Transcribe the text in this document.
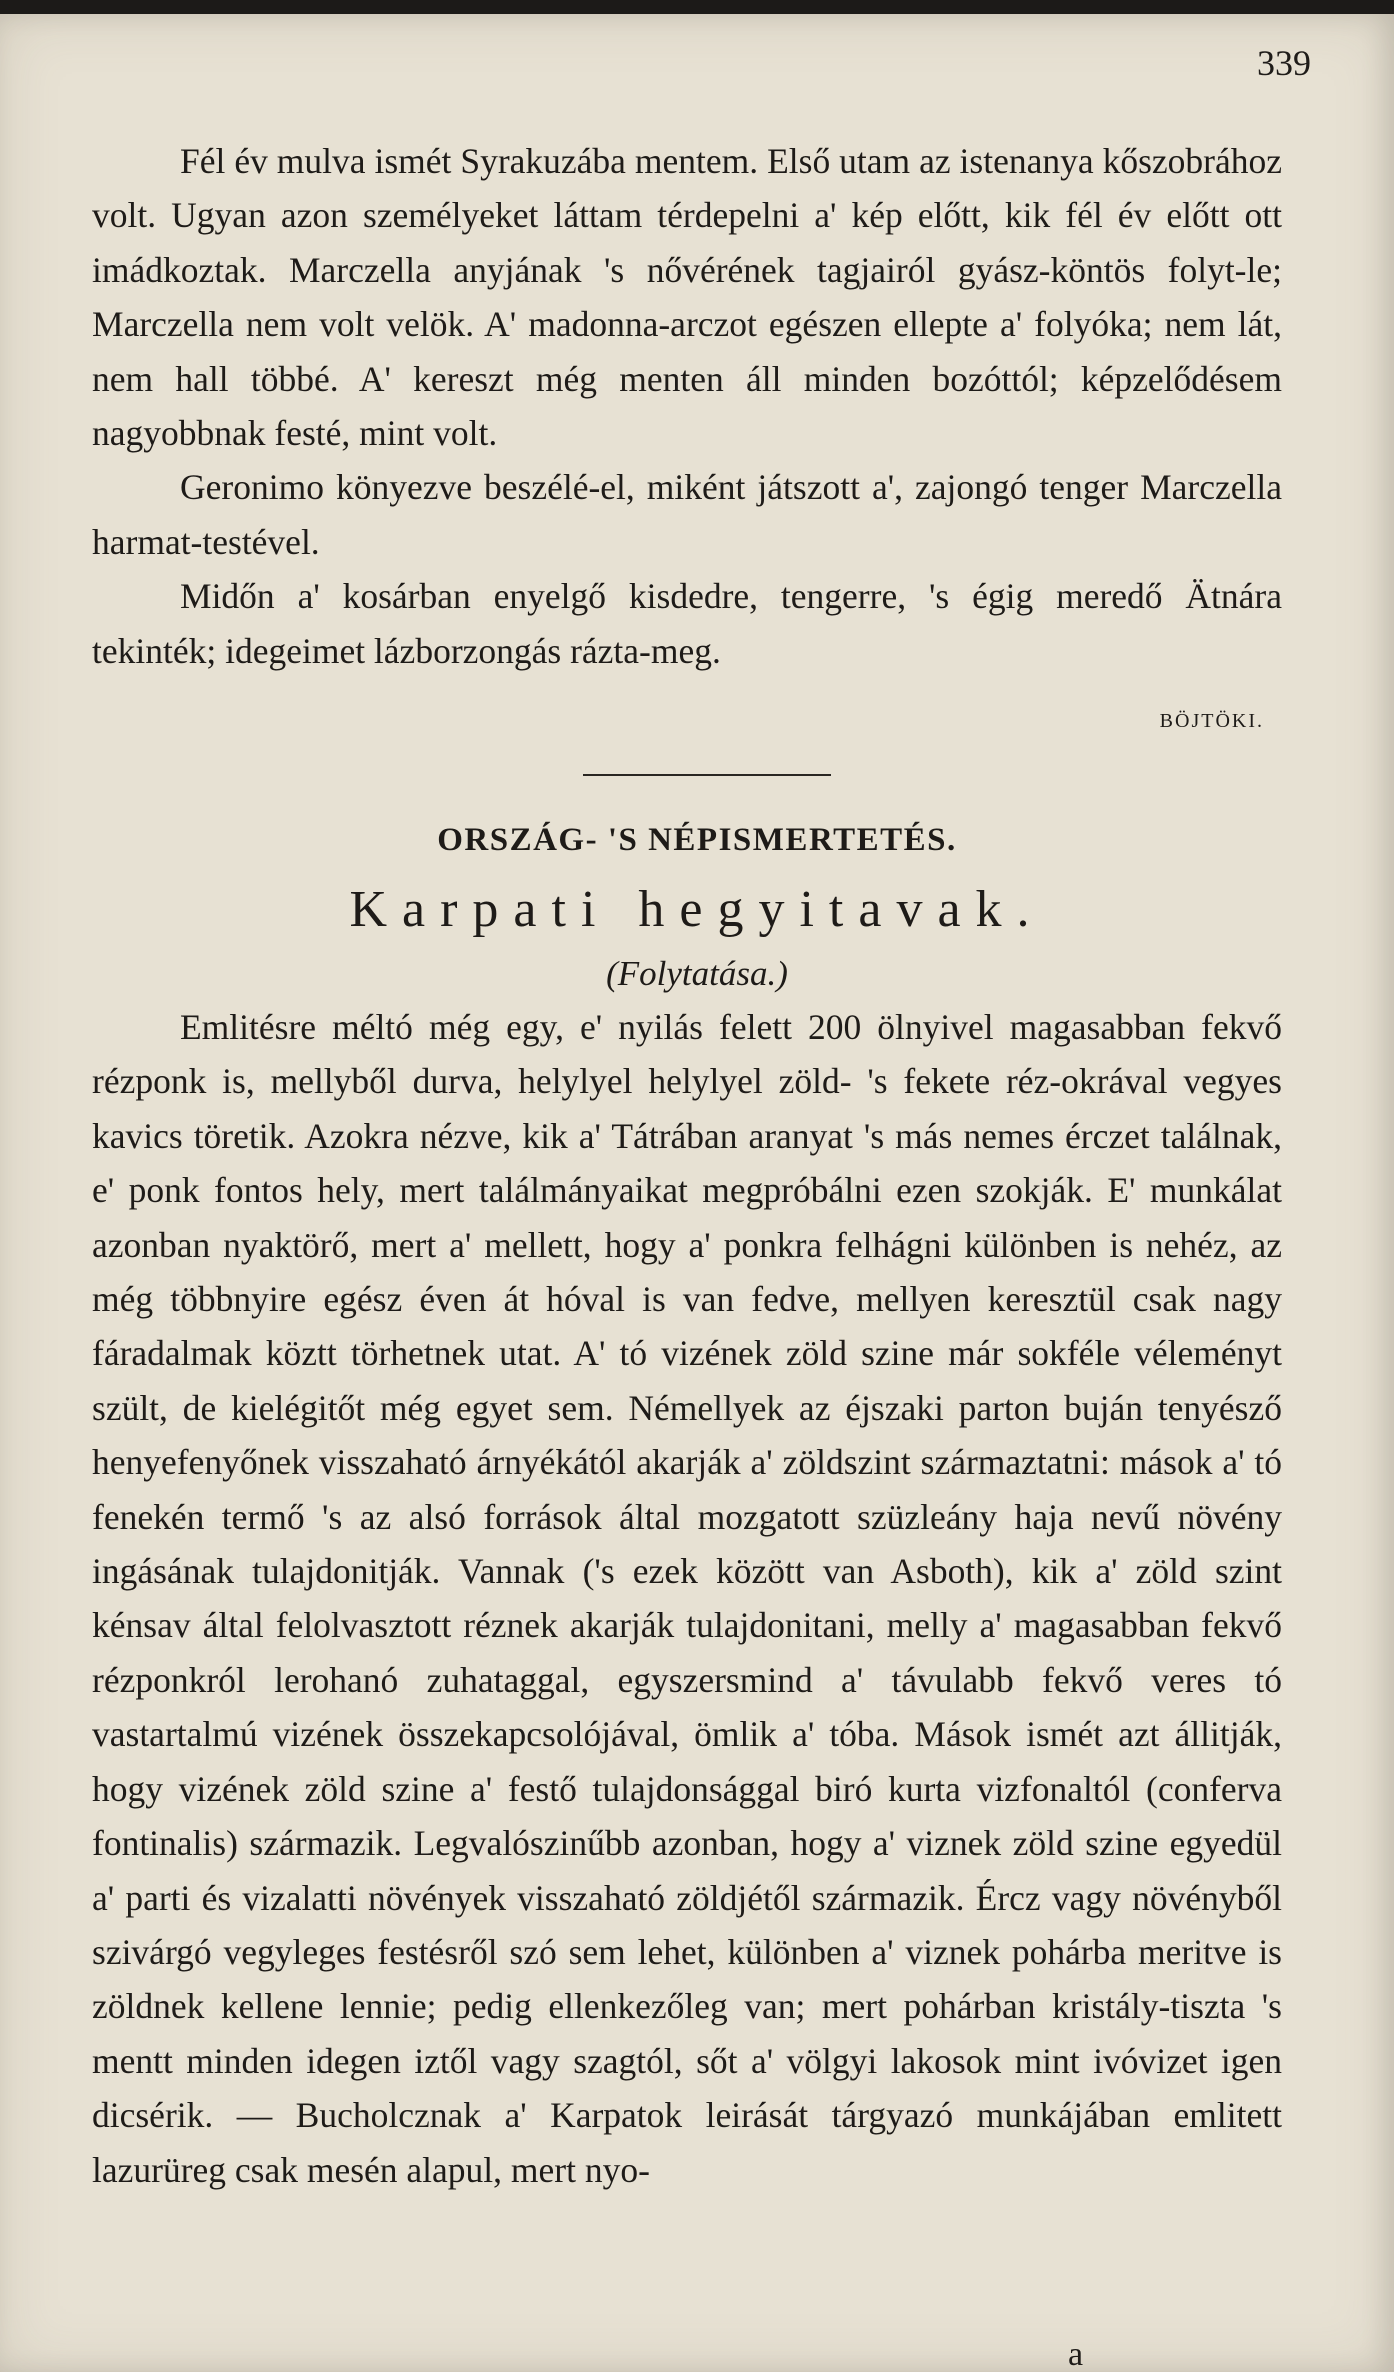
339

Fél év mulva ismét Syrakuzába mentem. Első utam az istenanya kőszobrához volt. Ugyan azon személyeket láttam térdepelni a' kép előtt, kik fél év előtt ott imádkoztak. Marczella anyjának 's nővérének tagjairól gyász-köntös folyt-le; Marczella nem volt velök. A' madonna-arczot egészen ellepte a' folyóka; nem lát, nem hall többé. A' kereszt még menten áll minden bozóttól; képzelődésem nagyobbnak festé, mint volt.

Geronimo könyezve beszélé-el, miként játszott a', zajongó tenger Marczella harmat-testével.

Midőn a' kosárban enyelgő kisdedre, tengerre, 's égig meredő Ätnára tekinték; idegeimet lázborzongás rázta-meg.

BÖJTÖKI.
ORSZÁG- 'S NÉPISMERTETÉS.
Karpati hegyitavak.
(Folytatása.)

Emlitésre méltó még egy, e' nyilás felett 200 ölnyivel magasabban fekvő rézponk is, mellyből durva, helylyel helylyel zöld- 's fekete réz-okrával vegyes kavics töretik. Azokra nézve, kik a' Tátrában aranyat 's más nemes érczet találnak, e' ponk fontos hely, mert találmányaikat megpróbálni ezen szokják. E' munkálat azonban nyaktörő, mert a' mellett, hogy a' ponkra felhágni különben is nehéz, az még többnyire egész éven át hóval is van fedve, mellyen keresztül csak nagy fáradalmak köztt törhetnek utat. A' tó vizének zöld szine már sokféle véleményt szült, de kielégitőt még egyet sem. Némellyek az éjszaki parton buján tenyésző henyefenyőnek visszaható árnyékától akarják a' zöldszint származtatni: mások a' tó fenekén termő 's az alsó források által mozgatott szüzleány haja nevű növény ingásának tulajdonitják. Vannak ('s ezek között van Asboth), kik a' zöld szint kénsav által felolvasztott réznek akarják tulajdonitani, melly a' magasabban fekvő rézponkról lerohanó zuhataggal, egyszersmind a' távulabb fekvő veres tó vastartalmú vizének összekapcsolójával, ömlik a' tóba. Mások ismét azt állitják, hogy vizének zöld szine a' festő tulajdonsággal biró kurta vizfonaltól (conferva fontinalis) származik. Legvalószinűbb azonban, hogy a' viznek zöld szine egyedül a' parti és vizalatti növények visszaható zöldjétől származik. Ércz vagy növényből szivárgó vegyleges festésről szó sem lehet, különben a' viznek pohárba meritve is zöldnek kellene lennie; pedig ellenkezőleg van; mert pohárban kristály-tiszta 's mentt minden idegen iztől vagy szagtól, sőt a' völgyi lakosok mint ivóvizet igen dicsérik. — Bucholcznak a' Karpatok leirását tárgyazó munkájában emlitett lazurüreg csak mesén alapul, mert nyo-

a
